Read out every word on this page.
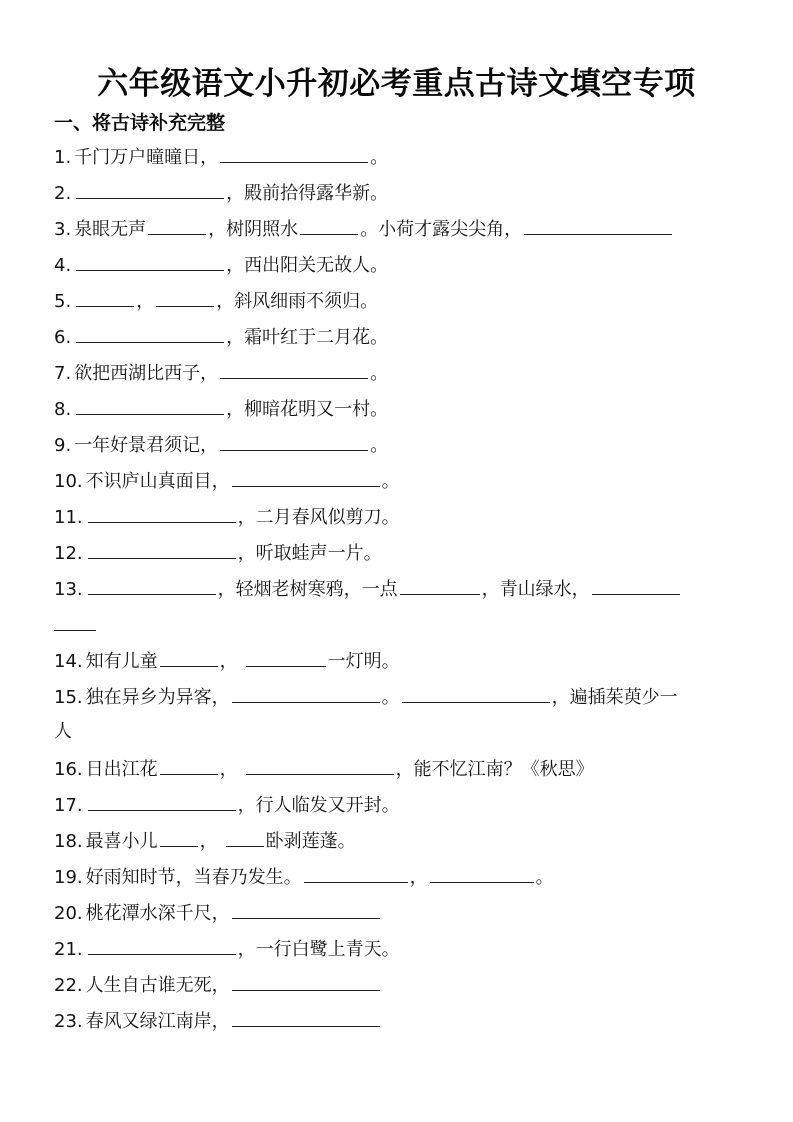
六年级语文小升初必考重点古诗文填空专项
一、将古诗补充完整
1. 千门万户曈曈日，	。
2.	，殿前拾得露华新。
3. 泉眼无声	，树阴照水	。小荷才露尖尖角，
4.	，西出阳关无故人。
5.	，	，斜风细雨不须归。
6.	，霜叶红于二月花。
7. 欲把西湖比西子，	。
8.	，柳暗花明又一村。
9. 一年好景君须记，	。
10. 不识庐山真面目，	。
11.	，二月春风似剪刀。
12.	，听取蛙声一片。
13.	，轻烟老树寒鸦，一点	，青山绿水，
14. 知有儿童	，	一灯明。
15. 独在异乡为异客，	。	，遍插茱萸少一
人
16. 日出江花	，	，能不忆江南？《秋思》
17.	，行人临发又开封。
18. 最喜小儿 ，	卧剥莲蓬。
19. 好雨知时节，当春乃发生。	，	。
20. 桃花潭水深千尺，
21.	，一行白鹭上青天。
22. 人生自古谁无死，
23. 春风又绿江南岸，
